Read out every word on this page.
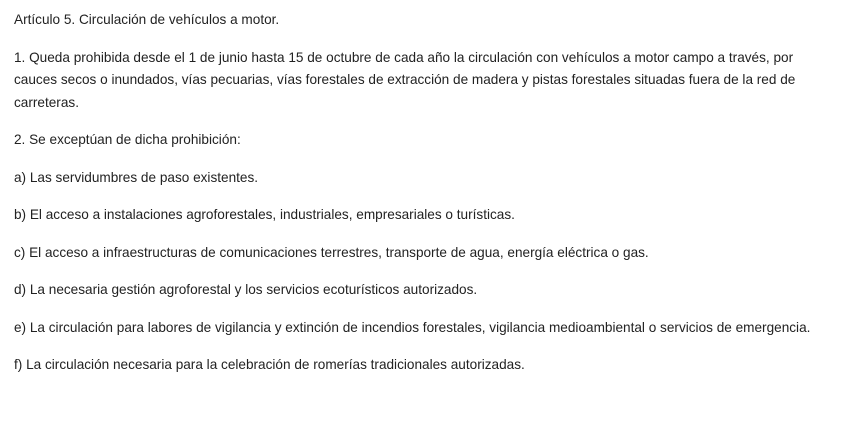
Artículo 5. Circulación de vehículos a motor.

1. Queda prohibida desde el 1 de junio hasta 15 de octubre de cada año la circulación con vehículos a motor campo a través, por cauces secos o inundados, vías pecuarias, vías forestales de extracción de madera y pistas forestales situadas fuera de la red de carreteras.

2. Se exceptúan de dicha prohibición:

a) Las servidumbres de paso existentes.

b) El acceso a instalaciones agroforestales, industriales, empresariales o turísticas.

c) El acceso a infraestructuras de comunicaciones terrestres, transporte de agua, energía eléctrica o gas.

d) La necesaria gestión agroforestal y los servicios ecoturísticos autorizados.

e) La circulación para labores de vigilancia y extinción de incendios forestales, vigilancia medioambiental o servicios de emergencia.

f) La circulación necesaria para la celebración de romerías tradicionales autorizadas.
